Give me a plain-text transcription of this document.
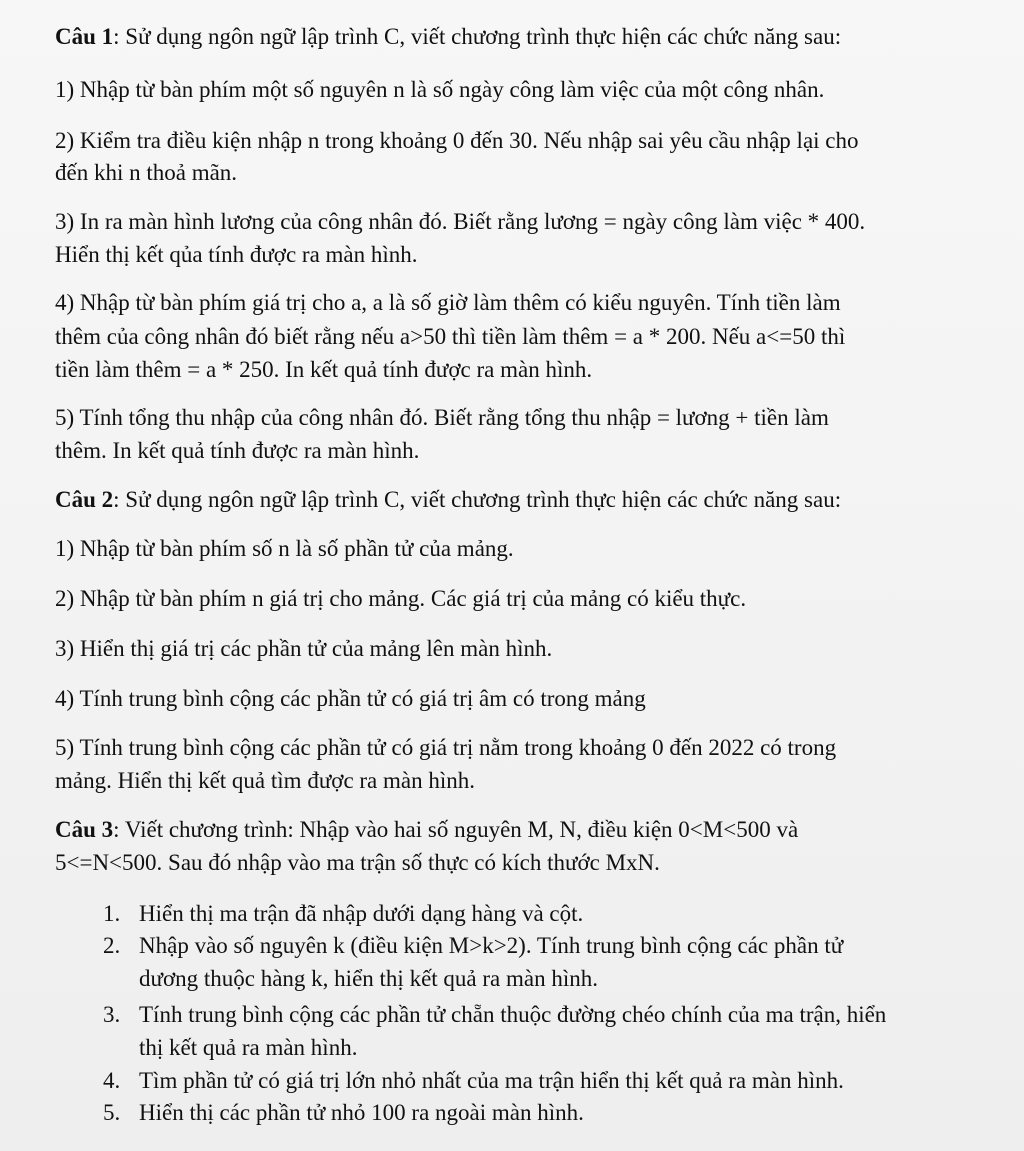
Câu 1: Sử dụng ngôn ngữ lập trình C, viết chương trình thực hiện các chức năng sau:

1) Nhập từ bàn phím một số nguyên n là số ngày công làm việc của một công nhân.

2) Kiểm tra điều kiện nhập n trong khoảng 0 đến 30. Nếu nhập sai yêu cầu nhập lại cho

đến khi n thoả mãn.

3) In ra màn hình lương của công nhân đó. Biết rằng lương = ngày công làm việc * 400.

Hiển thị kết qủa tính được ra màn hình.

4) Nhập từ bàn phím giá trị cho a, a là số giờ làm thêm có kiểu nguyên. Tính tiền làm

thêm của công nhân đó biết rằng nếu a>50 thì tiền làm thêm = a * 200. Nếu a<=50 thì

tiền làm thêm = a * 250. In kết quả tính được ra màn hình.

5) Tính tổng thu nhập của công nhân đó. Biết rằng tổng thu nhập = lương + tiền làm

thêm. In kết quả tính được ra màn hình.

Câu 2: Sử dụng ngôn ngữ lập trình C, viết chương trình thực hiện các chức năng sau:

1) Nhập từ bàn phím số n là số phần tử của mảng.

2) Nhập từ bàn phím n giá trị cho mảng. Các giá trị của mảng có kiểu thực.

3) Hiển thị giá trị các phần tử của mảng lên màn hình.

4) Tính trung bình cộng các phần tử có giá trị âm có trong mảng

5) Tính trung bình cộng các phần tử có giá trị nằm trong khoảng 0 đến 2022 có trong

mảng. Hiển thị kết quả tìm được ra màn hình.

Câu 3: Viết chương trình: Nhập vào hai số nguyên M, N, điều kiện 0<M<500 và

5<=N<500. Sau đó nhập vào ma trận số thực có kích thước MxN.

1. Hiển thị ma trận đã nhập dưới dạng hàng và cột.

2. Nhập vào số nguyên k (điều kiện M>k>2). Tính trung bình cộng các phần tử

dương thuộc hàng k, hiển thị kết quả ra màn hình.

3. Tính trung bình cộng các phần tử chẵn thuộc đường chéo chính của ma trận, hiển

thị kết quả ra màn hình.

4. Tìm phần tử có giá trị lớn nhỏ nhất của ma trận hiển thị kết quả ra màn hình.

5. Hiển thị các phần tử nhỏ 100 ra ngoài màn hình.
